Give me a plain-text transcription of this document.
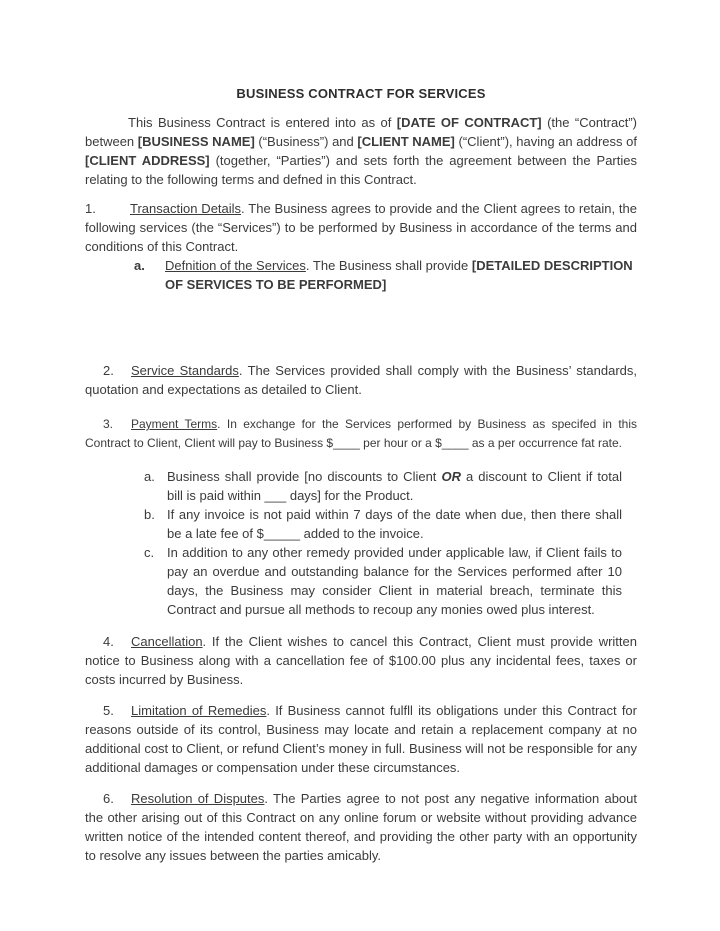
BUSINESS CONTRACT FOR SERVICES

This Business Contract is entered into as of [DATE OF CONTRACT] (the “Contract”) between [BUSINESS NAME] (“Business”) and [CLIENT NAME] (“Client”), having an address of [CLIENT ADDRESS] (together, “Parties”) and sets forth the agreement between the Parties relating to the following terms and defned in this Contract.

1.	Transaction Details. The Business agrees to provide and the Client agrees to retain, the following services (the “Services”) to be performed by Business in accordance of the terms and conditions of this Contract.
a.	Defnition of the Services. The Business shall provide [DETAILED DESCRIPTION
OF SERVICES TO BE PERFORMED]
2. Service Standards. The Services provided shall comply with the Business’ standards, quotation and expectations as detailed to Client.
3. Payment Terms. In exchange for the Services performed by Business as specifed in this Contract to Client, Client will pay to Business $____ per hour or a $____ as a per occurrence fat rate.
a. Business shall provide [no discounts to Client OR a discount to Client if total bill is paid within ___ days] for the Product.
b. If any invoice is not paid within 7 days of the date when due, then there shall be a late fee of $_____ added to the invoice.
c. In addition to any other remedy provided under applicable law, if Client fails to pay an overdue and outstanding balance for the Services performed after 10 days, the Business may consider Client in material breach, terminate this Contract and pursue all methods to recoup any monies owed plus interest.
4. Cancellation. If the Client wishes to cancel this Contract, Client must provide written notice to Business along with a cancellation fee of $100.00 plus any incidental fees, taxes or costs incurred by Business.
5. Limitation of Remedies. If Business cannot fulfll its obligations under this Contract for reasons outside of its control, Business may locate and retain a replacement company at no additional cost to Client, or refund Client’s money in full. Business will not be responsible for any additional damages or compensation under these circumstances.
6. Resolution of Disputes. The Parties agree to not post any negative information about the other arising out of this Contract on any online forum or website without providing advance written notice of the intended content thereof, and providing the other party with an opportunity to resolve any issues between the parties amicably.
